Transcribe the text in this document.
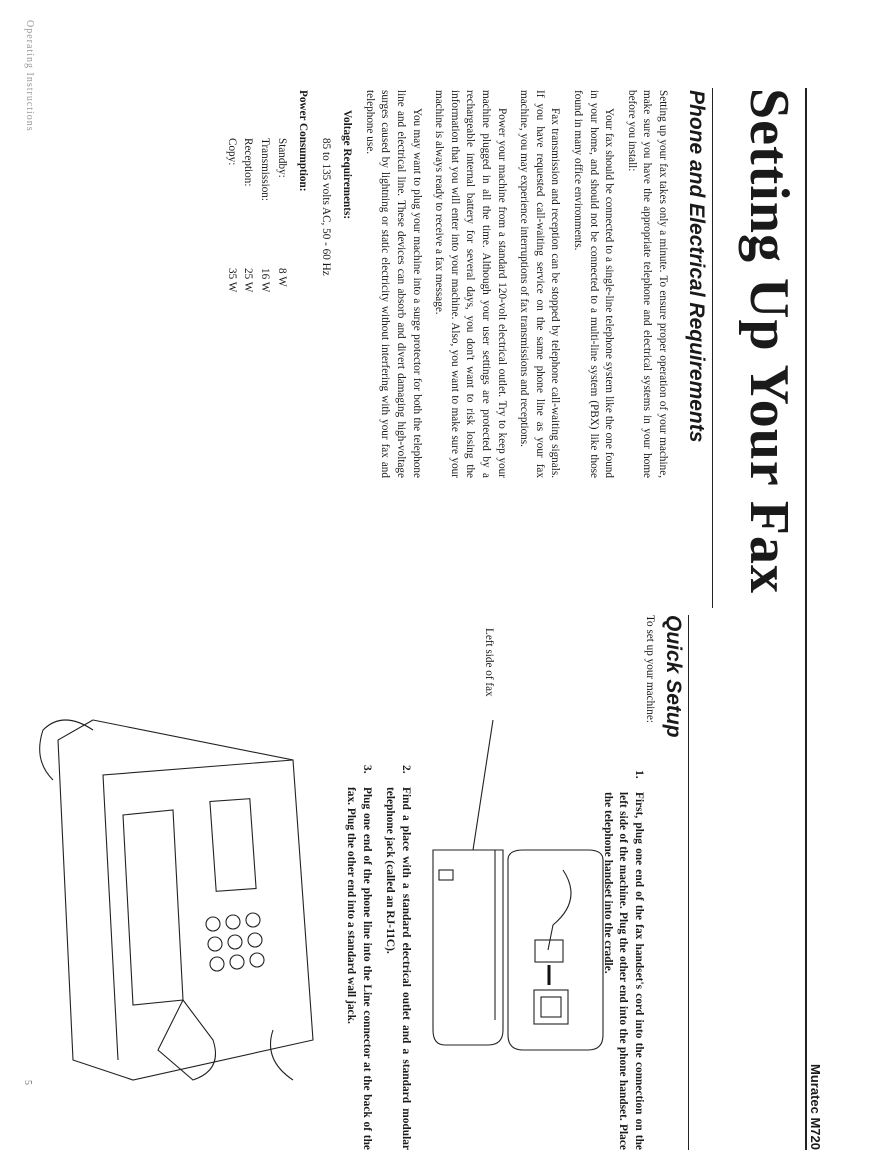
Muratec M720
Setting Up Your Fax
Phone and Electrical Requirements

Setting up your fax takes only a minute. To ensure proper operation of your machine, make sure you have the appropriate telephone and electrical systems in your home before you install:

Your fax should be connected to a single-line telephone system like the one found in your home, and should not be connected to a multi-line system (PBX) like those found in many office environments.

Fax transmission and reception can be stopped by telephone call-waiting signals. If you have requested call-waiting service on the same phone line as your fax machine, you may experience interruptions of fax transmissions and receptions.

Power your machine from a standard 120-volt electrical outlet. Try to keep your machine plugged in all the time. Although your user settings are protected by a rechargeable internal battery for several days, you don't want to risk losing the information that you will enter into your machine. Also, you want to make sure your machine is always ready to receive a fax message.

You may want to plug your machine into a surge protector for both the telephone line and electrical line. These devices can absorb and divert damaging high-voltage surges caused by lightning or static electricity without interfering with your fax and telephone use.

Voltage Requirements:

85 to 135 volts AC, 50 - 60 Hz

Power Consumption:

Standby:	8 W
Transmission:	16 W
Reception:	25 W
Copy:	35 W
Quick Setup
To set up your machine:
1.
First, plug one end of the fax handset's cord into the connection on the left side of the machine. Plug the other end into the phone handset. Place the telephone handset into the cradle.
Left side of fax
2.
Find a place with a standard electrical outlet and a standard modular telephone jack (called an RJ-11C).
3.
Plug one end of the phone line into the Line connector at the back of the fax. Plug the other end into a standard wall jack.
Operating Instructions
5
